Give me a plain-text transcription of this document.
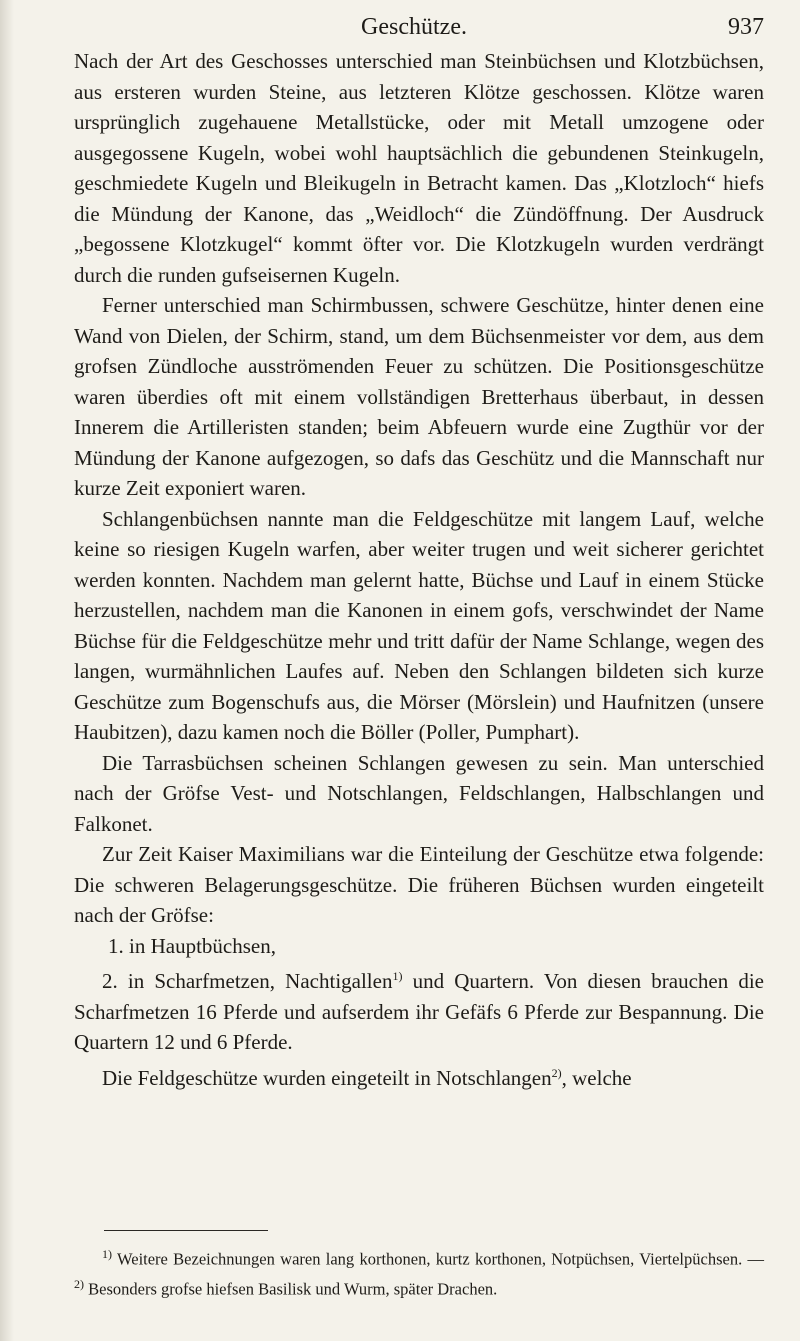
Geschütze.	937

Nach der Art des Geschosses unterschied man Steinbüchsen und Klotzbüchsen, aus ersteren wurden Steine, aus letzteren Klötze geschossen. Klötze waren ursprünglich zugehauene Metallstücke, oder mit Metall umzogene oder ausgegossene Kugeln, wobei wohl hauptsächlich die gebundenen Steinkugeln, geschmiedete Kugeln und Bleikugeln in Betracht kamen. Das „Klotzloch“ hiefs die Mündung der Kanone, das „Weidloch“ die Zündöffnung. Der Ausdruck „begossene Klotzkugel“ kommt öfter vor. Die Klotzkugeln wurden verdrängt durch die runden gufseisernen Kugeln.

Ferner unterschied man Schirmbussen, schwere Geschütze, hinter denen eine Wand von Dielen, der Schirm, stand, um dem Büchsenmeister vor dem, aus dem grofsen Zündloche ausströmenden Feuer zu schützen. Die Positionsgeschütze waren überdies oft mit einem vollständigen Bretterhaus überbaut, in dessen Innerem die Artilleristen standen; beim Abfeuern wurde eine Zugthür vor der Mündung der Kanone aufgezogen, so dafs das Geschütz und die Mannschaft nur kurze Zeit exponiert waren.

Schlangenbüchsen nannte man die Feldgeschütze mit langem Lauf, welche keine so riesigen Kugeln warfen, aber weiter trugen und weit sicherer gerichtet werden konnten. Nachdem man gelernt hatte, Büchse und Lauf in einem Stücke herzustellen, nachdem man die Kanonen in einem gofs, verschwindet der Name Büchse für die Feldgeschütze mehr und tritt dafür der Name Schlange, wegen des langen, wurmähnlichen Laufes auf. Neben den Schlangen bildeten sich kurze Geschütze zum Bogenschufs aus, die Mörser (Mörslein) und Haufnitzen (unsere Haubitzen), dazu kamen noch die Böller (Poller, Pumphart).

Die Tarrasbüchsen scheinen Schlangen gewesen zu sein. Man unterschied nach der Gröfse Vest- und Notschlangen, Feldschlangen, Halbschlangen und Falkonet.

Zur Zeit Kaiser Maximilians war die Einteilung der Geschütze etwa folgende: Die schweren Belagerungsgeschütze. Die früheren Büchsen wurden eingeteilt nach der Gröfse:

1. in Hauptbüchsen,

2. in Scharfmetzen, Nachtigallen$^{1)}$ und Quartern. Von diesen brauchen die Scharfmetzen 16 Pferde und aufserdem ihr Gefäfs 6 Pferde zur Bespannung. Die Quartern 12 und 6 Pferde.

Die Feldgeschütze wurden eingeteilt in Notschlangen$^{2)}$, welche

$^{1)}$ Weitere Bezeichnungen waren lang korthonen, kurtz korthonen, Notpüchsen, Viertelpüchsen. — $^{2)}$ Besonders grofse hiefsen Basilisk und Wurm, später Drachen.
